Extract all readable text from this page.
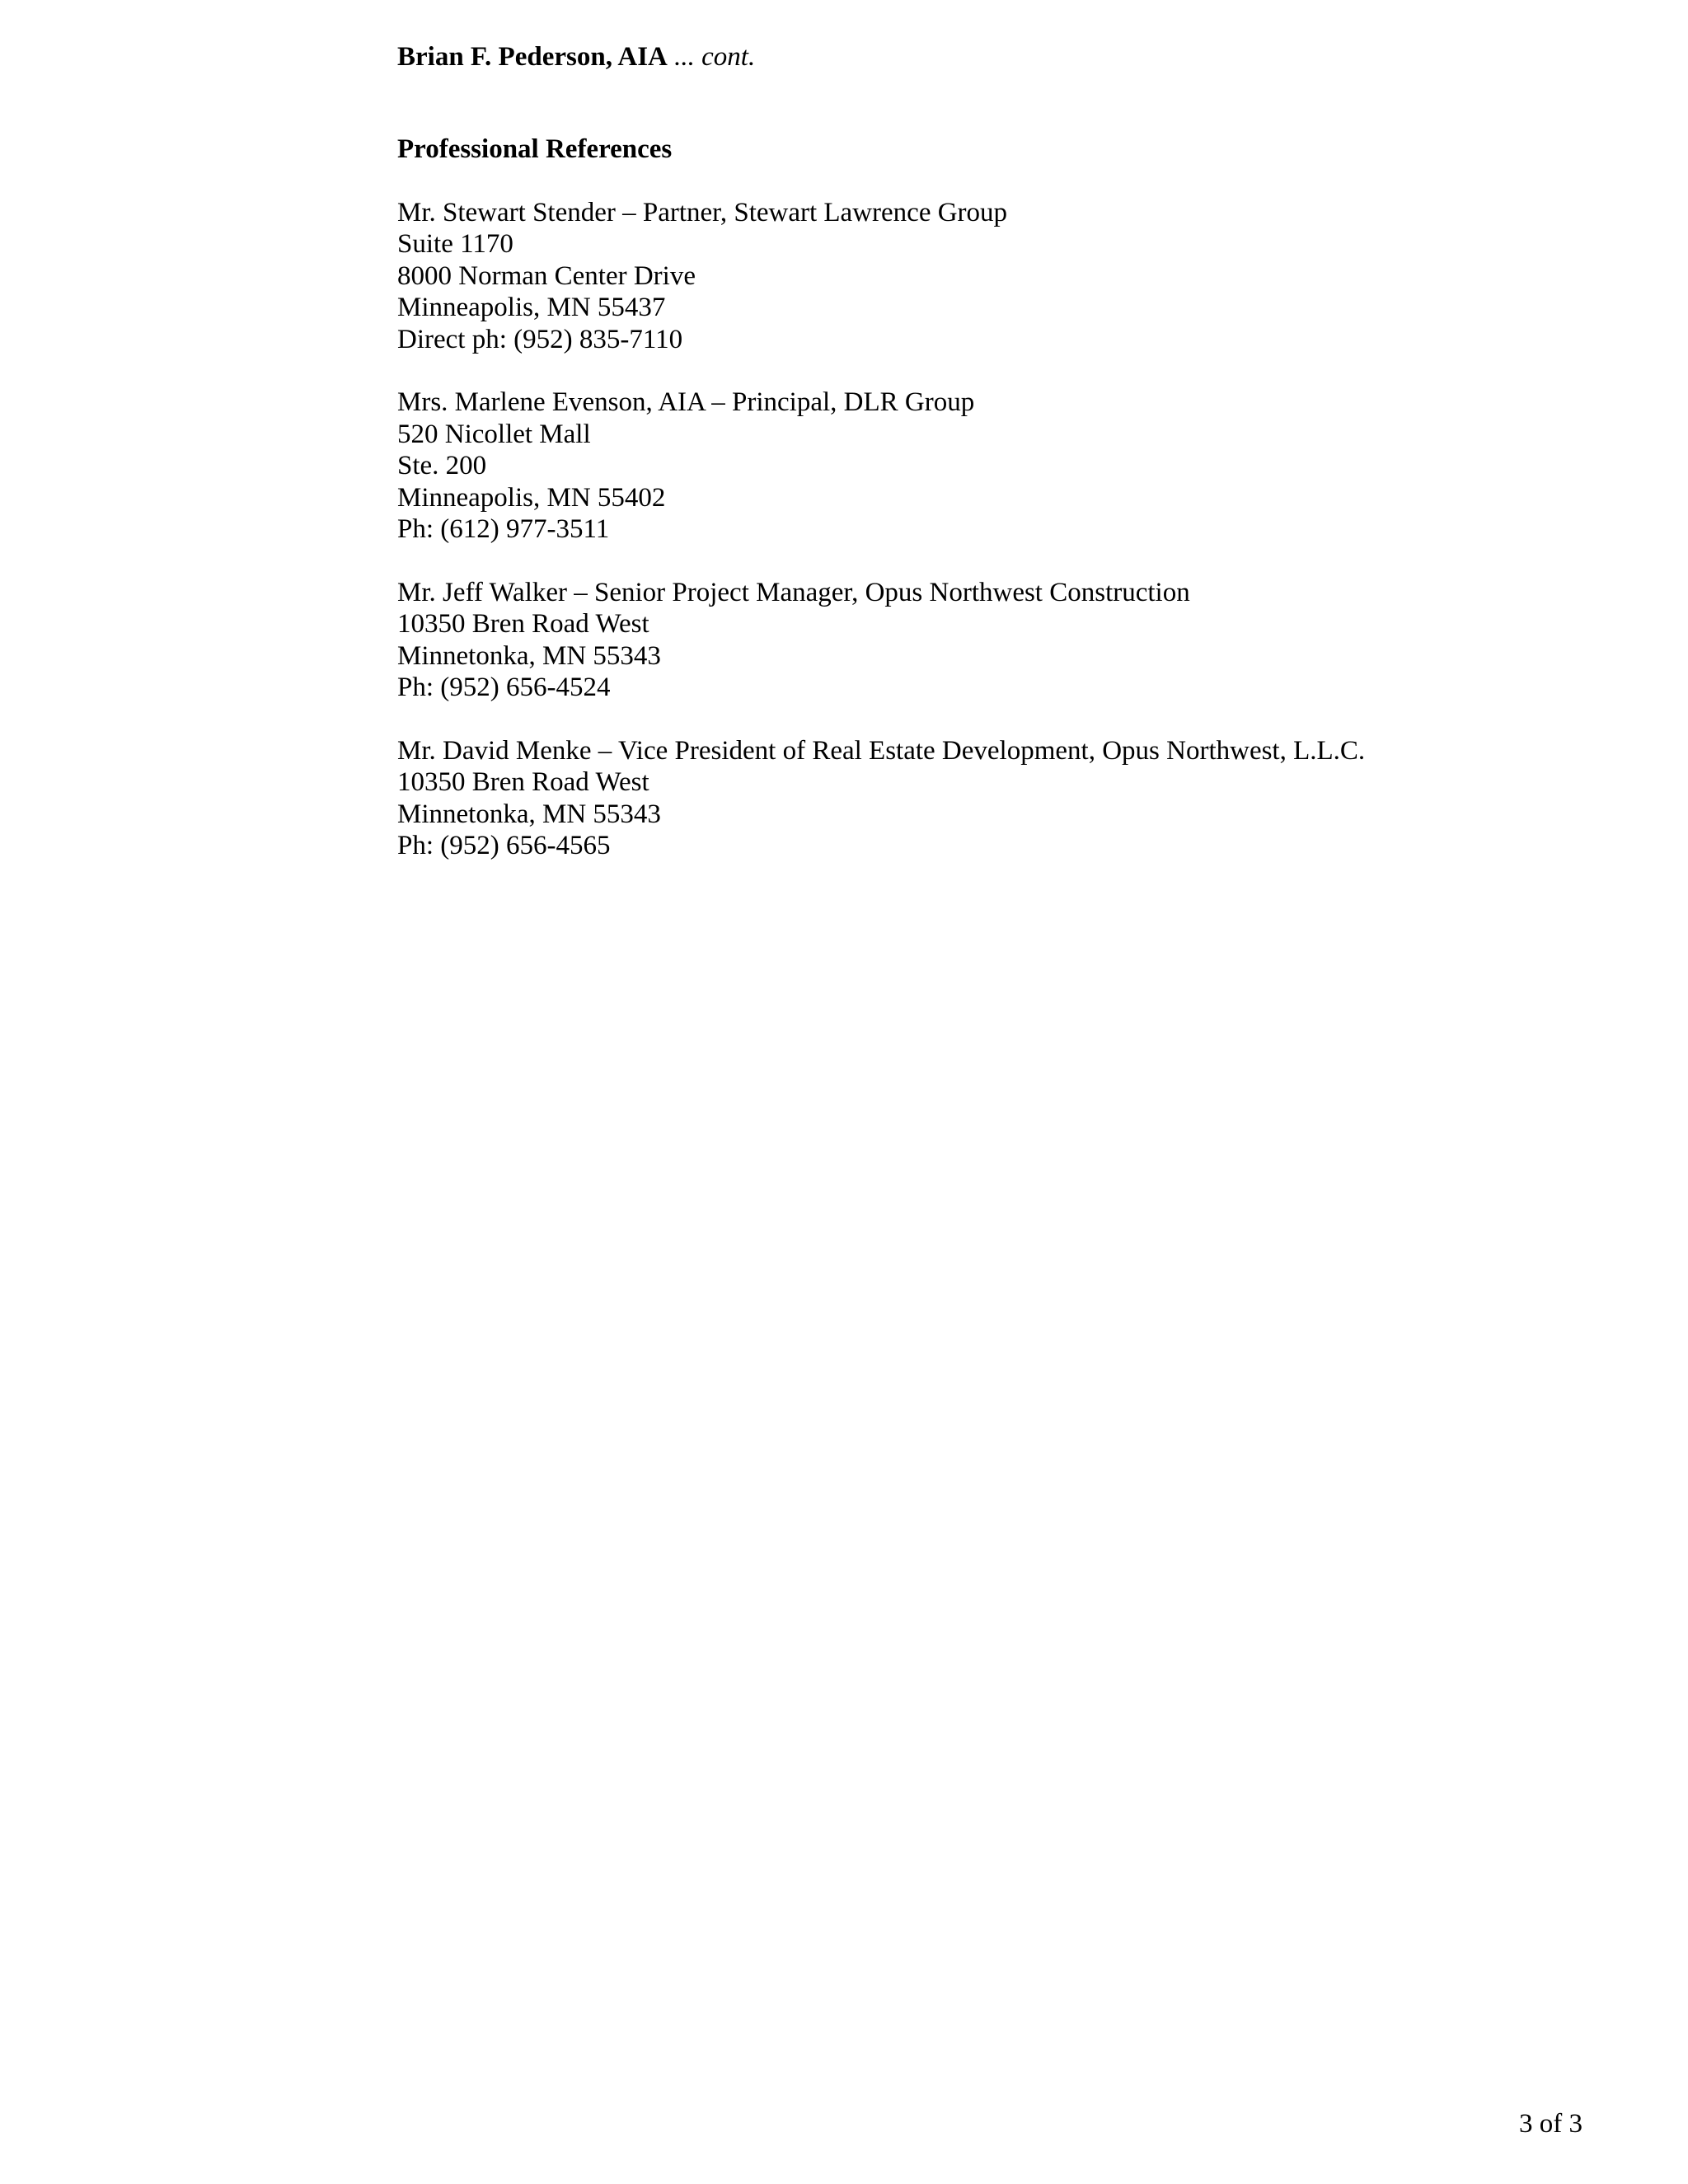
Brian F. Pederson, AIA ... cont.

Professional References

Mr. Stewart Stender – Partner, Stewart Lawrence Group
Suite 1170
8000 Norman Center Drive
Minneapolis, MN 55437
Direct ph: (952) 835-7110
Mrs. Marlene Evenson, AIA – Principal, DLR Group
520 Nicollet Mall
Ste. 200
Minneapolis, MN 55402
Ph: (612) 977-3511
Mr. Jeff Walker – Senior Project Manager, Opus Northwest Construction
10350 Bren Road West
Minnetonka, MN 55343
Ph: (952) 656-4524
Mr. David Menke – Vice President of Real Estate Development, Opus Northwest, L.L.C.
10350 Bren Road West
Minnetonka, MN 55343
Ph: (952) 656-4565
3 of 3
